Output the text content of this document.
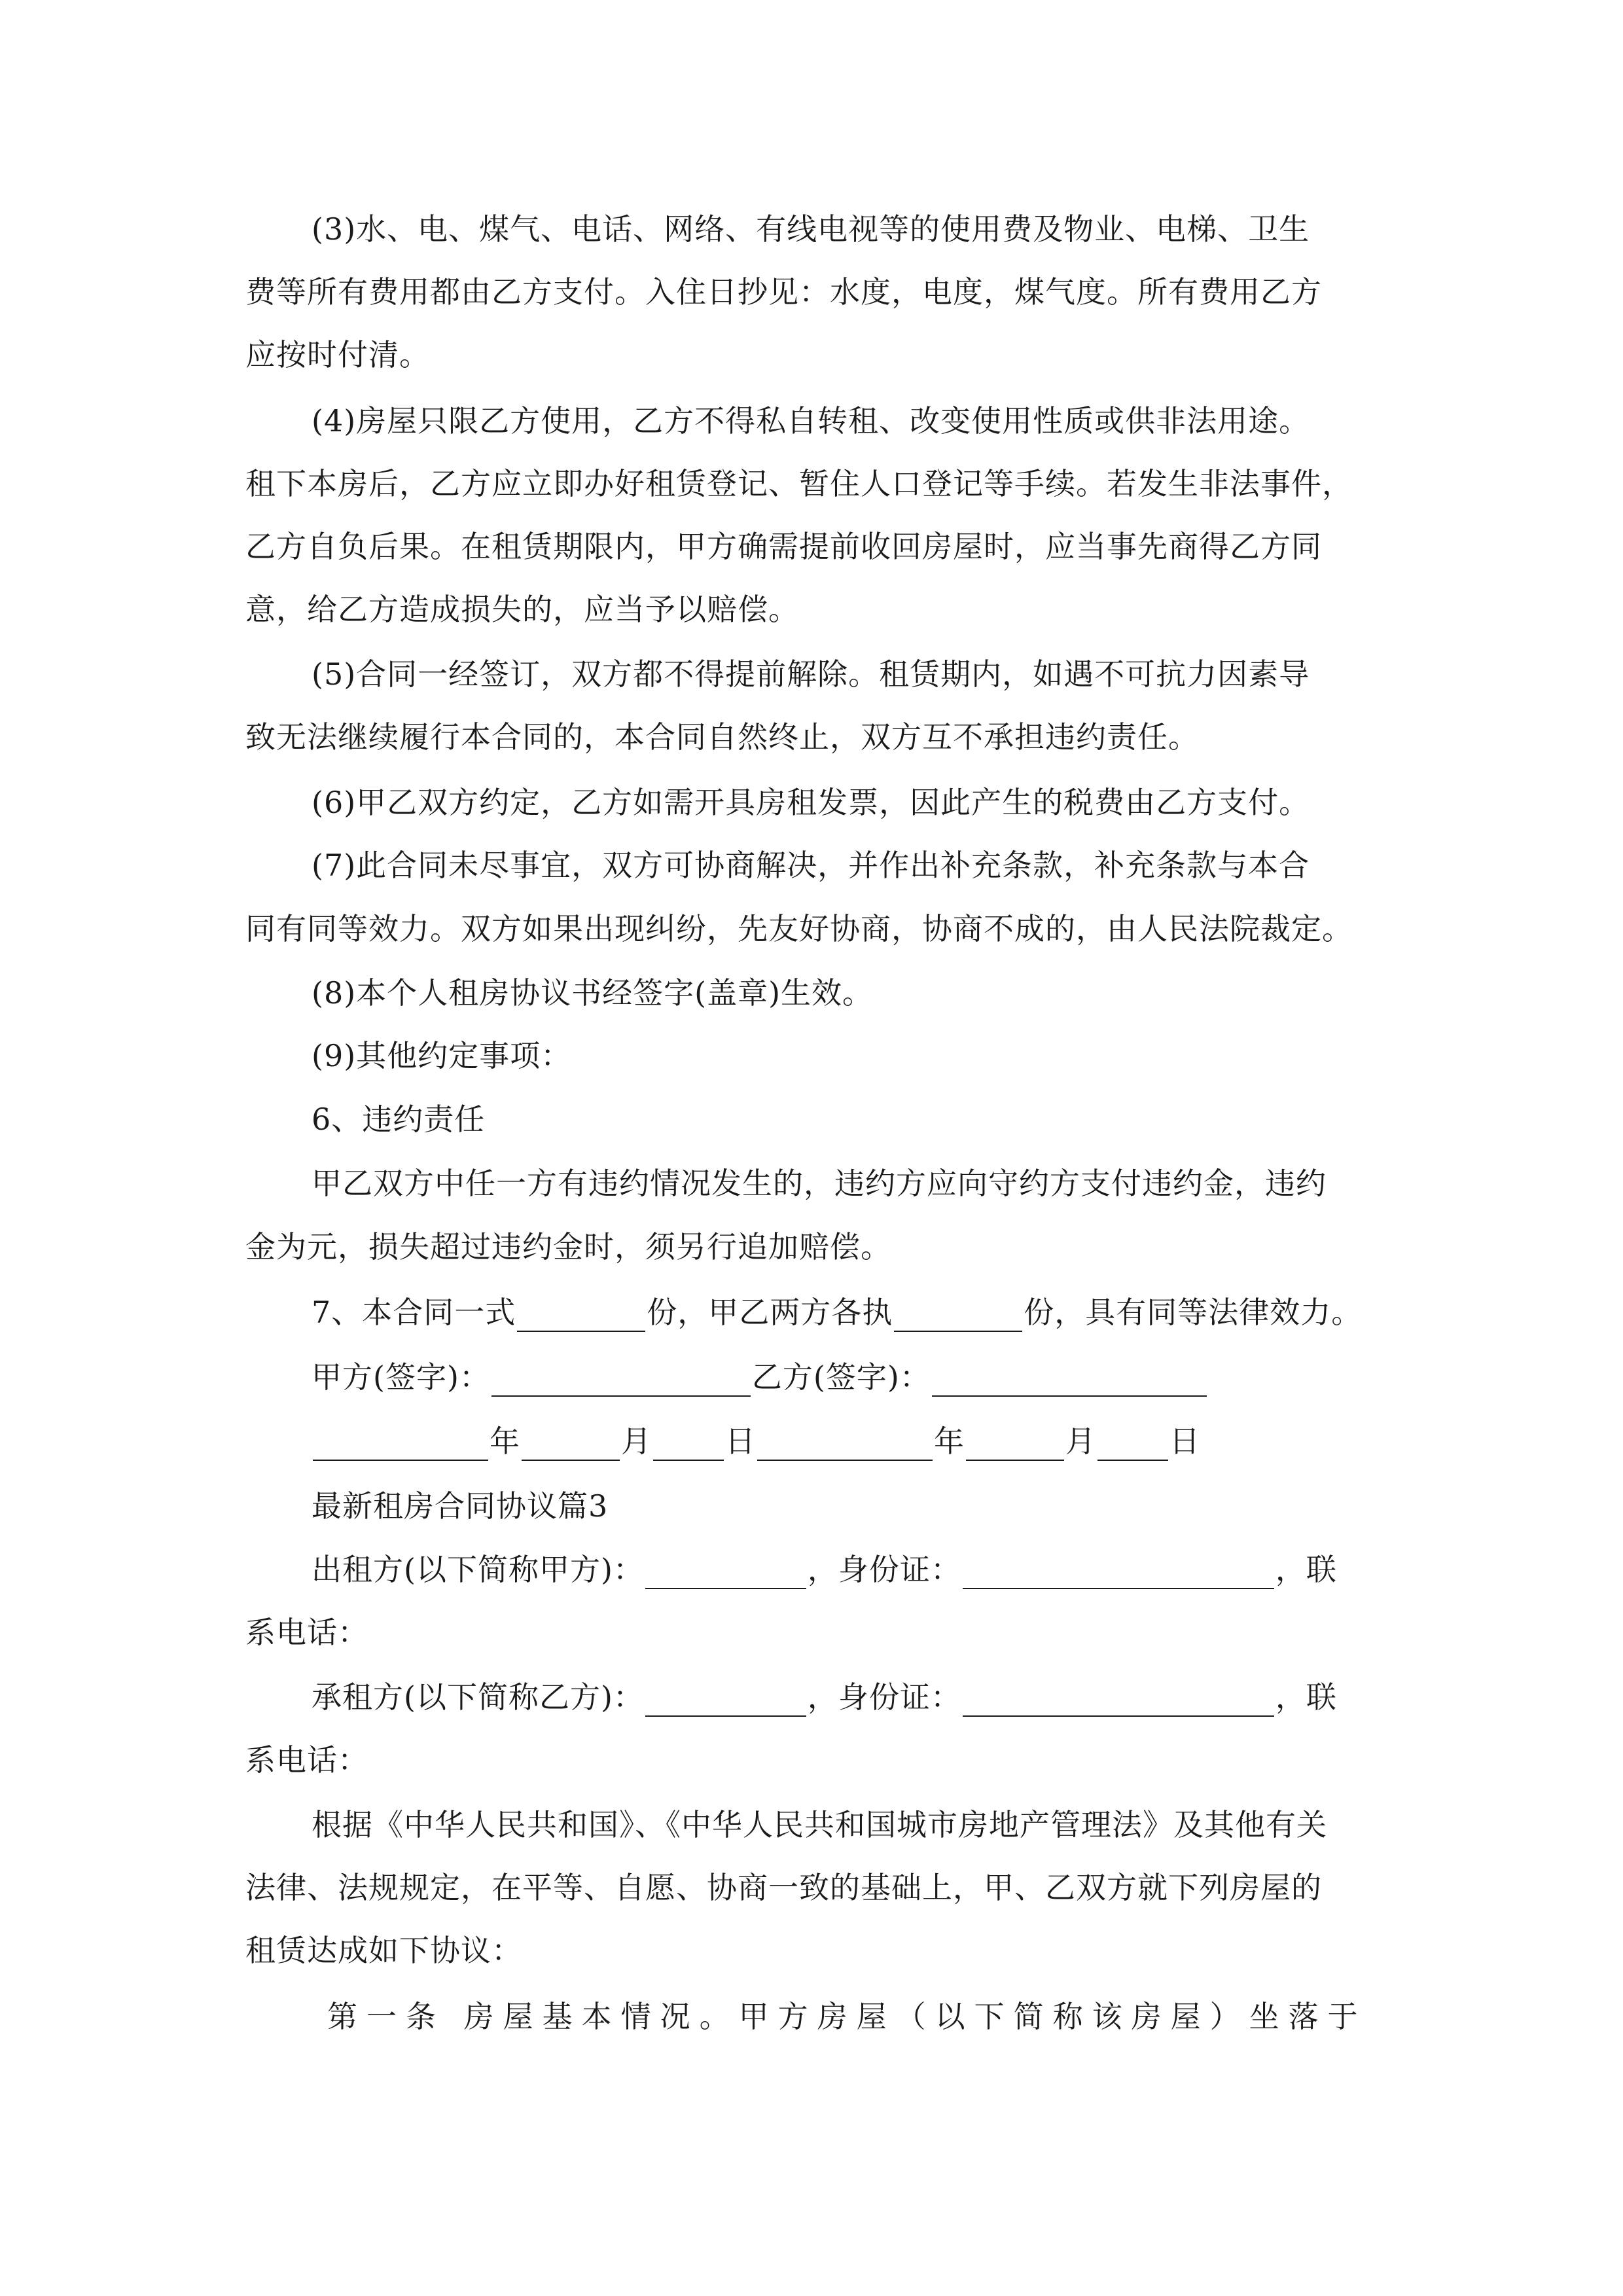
(3)水、电、煤气、电话、网络、有线电视等的使用费及物业、电梯、卫生
费等所有费用都由乙方支付。入住日抄见：水度，电度，煤气度。所有费用乙方
应按时付清。
(4)房屋只限乙方使用，乙方不得私自转租、改变使用性质或供非法用途。
租下本房后，乙方应立即办好租赁登记、暂住人口登记等手续。若发生非法事件，
乙方自负后果。在租赁期限内，甲方确需提前收回房屋时，应当事先商得乙方同
意，给乙方造成损失的，应当予以赔偿。
(5)合同一经签订，双方都不得提前解除。租赁期内，如遇不可抗力因素导
致无法继续履行本合同的，本合同自然终止，双方互不承担违约责任。
(6)甲乙双方约定，乙方如需开具房租发票，因此产生的税费由乙方支付。
(7)此合同未尽事宜，双方可协商解决，并作出补充条款，补充条款与本合
同有同等效力。双方如果出现纠纷，先友好协商，协商不成的，由人民法院裁定。
(8)本个人租房协议书经签字(盖章)生效。
(9)其他约定事项：
6、违约责任
甲乙双方中任一方有违约情况发生的，违约方应向守约方支付违约金，违约
金为元，损失超过违约金时，须另行追加赔偿。
7、本合同一式	份，甲乙两方各执	份，具有同等法律效力。
甲方(签字)：	乙方(签字)：
年	月 日	年	月 日
最新租房合同协议篇3
出租方(以下简称甲方)：	，身份证：	，联
系电话：
承租方(以下简称乙方)：	，身份证：	，联
系电话：
根据《中华人民共和国》、《中华人民共和国城市房地产管理法》及其他有关
法律、法规规定，在平等、自愿、协商一致的基础上，甲、乙双方就下列房屋的
租赁达成如下协议：
第一条 房屋基本情况。甲方房屋（以下简称该房屋）坐落于
